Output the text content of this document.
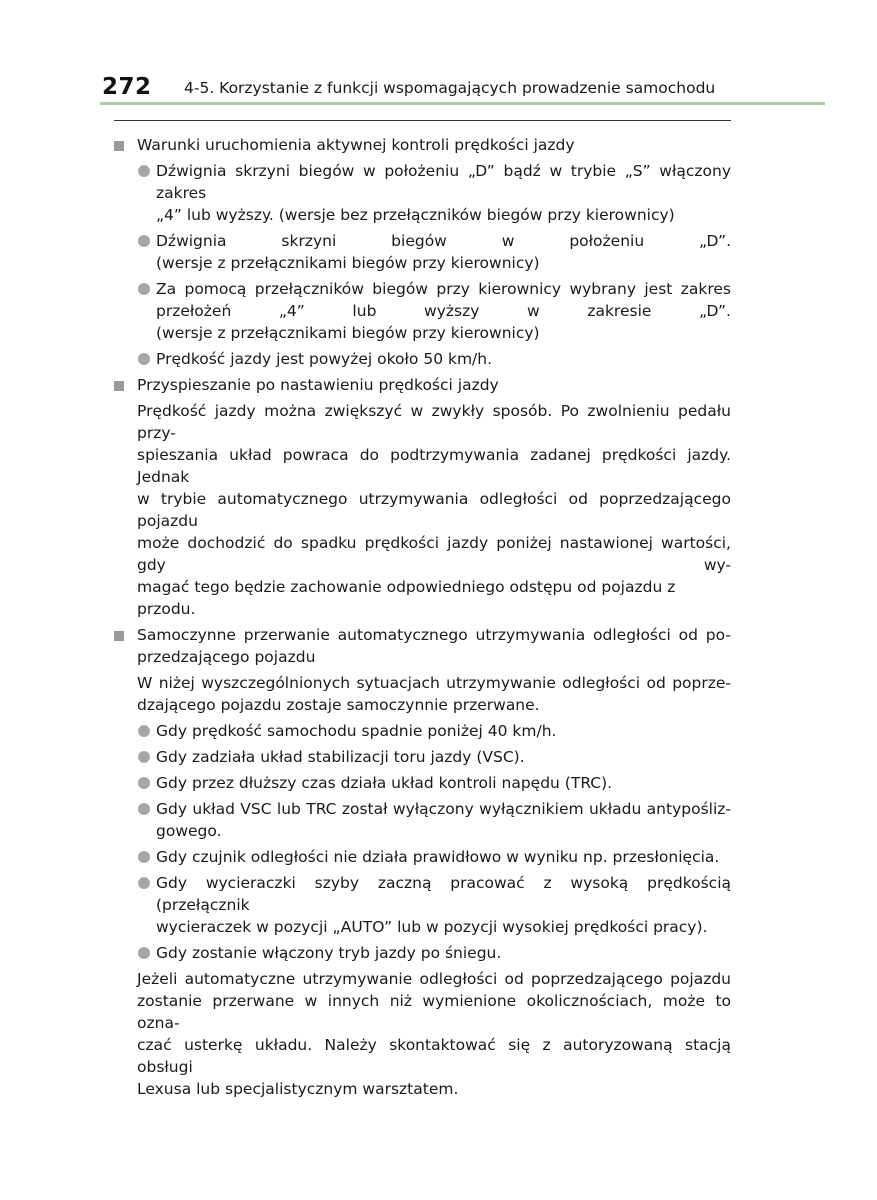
272 4-5. Korzystanie z funkcji wspomagających prowadzenie samochodu
Warunki uruchomienia aktywnej kontroli prędkości jazdy
Dźwignia skrzyni biegów w położeniu „D” bądź w trybie „S” włączony zakres
„4” lub wyższy. (wersje bez przełączników biegów przy kierownicy)
Dźwignia skrzyni biegów w położeniu „D”.
(wersje z przełącznikami biegów przy kierownicy)
Za pomocą przełączników biegów przy kierownicy wybrany jest zakres
przełożeń „4” lub wyższy w zakresie „D”.
(wersje z przełącznikami biegów przy kierownicy)
Prędkość jazdy jest powyżej około 50 km/h.
Przyspieszanie po nastawieniu prędkości jazdy
Prędkość jazdy można zwiększyć w zwykły sposób. Po zwolnieniu pedału przy-
spieszania układ powraca do podtrzymywania zadanej prędkości jazdy. Jednak
w trybie automatycznego utrzymywania odległości od poprzedzającego pojazdu
może dochodzić do spadku prędkości jazdy poniżej nastawionej wartości, gdy wy-
magać tego będzie zachowanie odpowiedniego odstępu od pojazdu z przodu.
Samoczynne przerwanie automatycznego utrzymywania odległości od po-
przedzającego pojazdu
W niżej wyszczególnionych sytuacjach utrzymywanie odległości od poprze-
dzającego pojazdu zostaje samoczynnie przerwane.
Gdy prędkość samochodu spadnie poniżej 40 km/h.
Gdy zadziała układ stabilizacji toru jazdy (VSC).
Gdy przez dłuższy czas działa układ kontroli napędu (TRC).
Gdy układ VSC lub TRC został wyłączony wyłącznikiem układu antypośliz-
gowego.
Gdy czujnik odległości nie działa prawidłowo w wyniku np. przesłonięcia.
Gdy wycieraczki szyby zaczną pracować z wysoką prędkością (przełącznik
wycieraczek w pozycji „AUTO” lub w pozycji wysokiej prędkości pracy).
Gdy zostanie włączony tryb jazdy po śniegu.
Jeżeli automatyczne utrzymywanie odległości od poprzedzającego pojazdu
zostanie przerwane w innych niż wymienione okolicznościach, może to ozna-
czać usterkę układu. Należy skontaktować się z autoryzowaną stacją obsługi
Lexusa lub specjalistycznym warsztatem.
